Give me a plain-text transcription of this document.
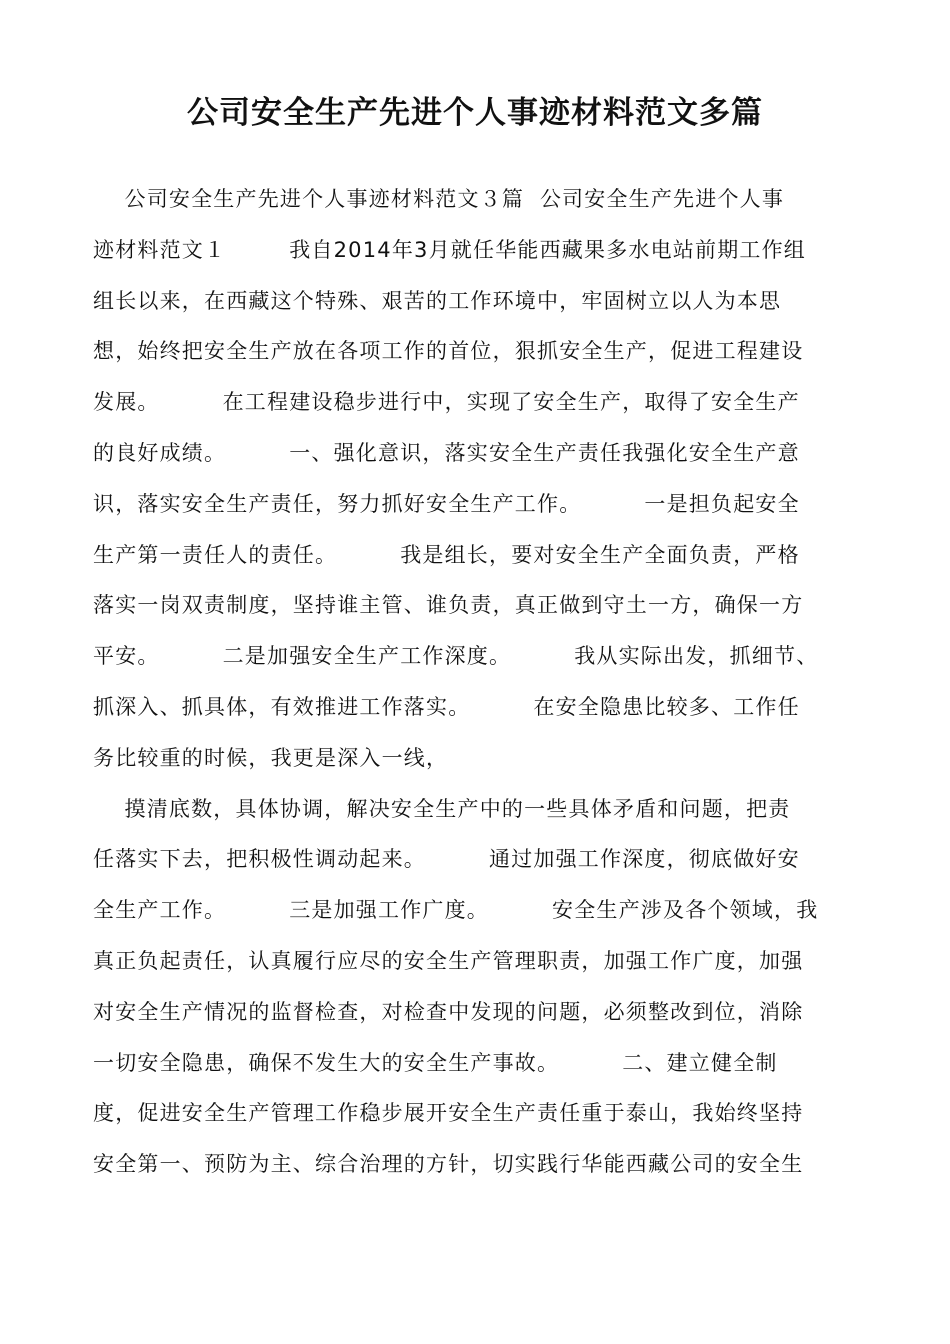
公司安全生产先进个人事迹材料范文多篇
公司安全生产先进个人事迹材料范文３篇  公司安全生产先进个人事
迹材料范文１        我自2014年3月就任华能西藏果多水电站前期工作组
组长以来，在西藏这个特殊、艰苦的工作环境中，牢固树立以人为本思
想，始终把安全生产放在各项工作的首位，狠抓安全生产，促进工程建设
发展。        在工程建设稳步进行中，实现了安全生产，取得了安全生产
的良好成绩。        一、强化意识，落实安全生产责任我强化安全生产意
识，落实安全生产责任，努力抓好安全生产工作。        一是担负起安全
生产第一责任人的责任。        我是组长，要对安全生产全面负责，严格
落实一岗双责制度，坚持谁主管、谁负责，真正做到守土一方，确保一方
平安。        二是加强安全生产工作深度。        我从实际出发，抓细节、
抓深入、抓具体，有效推进工作落实。        在安全隐患比较多、工作任
务比较重的时候，我更是深入一线，
摸清底数，具体协调，解决安全生产中的一些具体矛盾和问题，把责
任落实下去，把积极性调动起来。        通过加强工作深度，彻底做好安
全生产工作。        三是加强工作广度。        安全生产涉及各个领域，我
真正负起责任，认真履行应尽的安全生产管理职责，加强工作广度，加强
对安全生产情况的监督检查，对检查中发现的问题，必须整改到位，消除
一切安全隐患，确保不发生大的安全生产事故。        二、建立健全制
度，促进安全生产管理工作稳步展开安全生产责任重于泰山，我始终坚持
安全第一、预防为主、综合治理的方针，切实践行华能西藏公司的安全生
